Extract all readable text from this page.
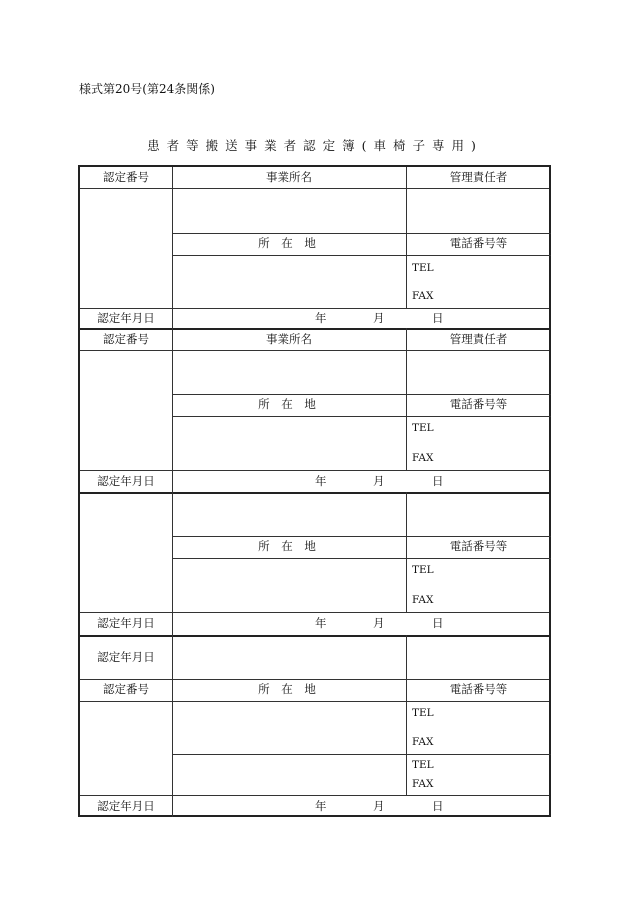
様式第20号(第24条関係)
患者等搬送事業者認定簿(車椅子専用)
認定番号	事業所名	管理責任者
所 在 地	電話番号等
TEL
FAX
認定年月日	年	月	日
認定番号	事業所名	管理責任者
所 在 地	電話番号等
TEL
FAX
認定年月日	年	月	日
所 在 地	電話番号等
TEL
FAX
認定年月日	年	月	日
認定年月日
認定番号	所 在 地	電話番号等
TEL
FAX
TEL
FAX
認定年月日	年	月	日
